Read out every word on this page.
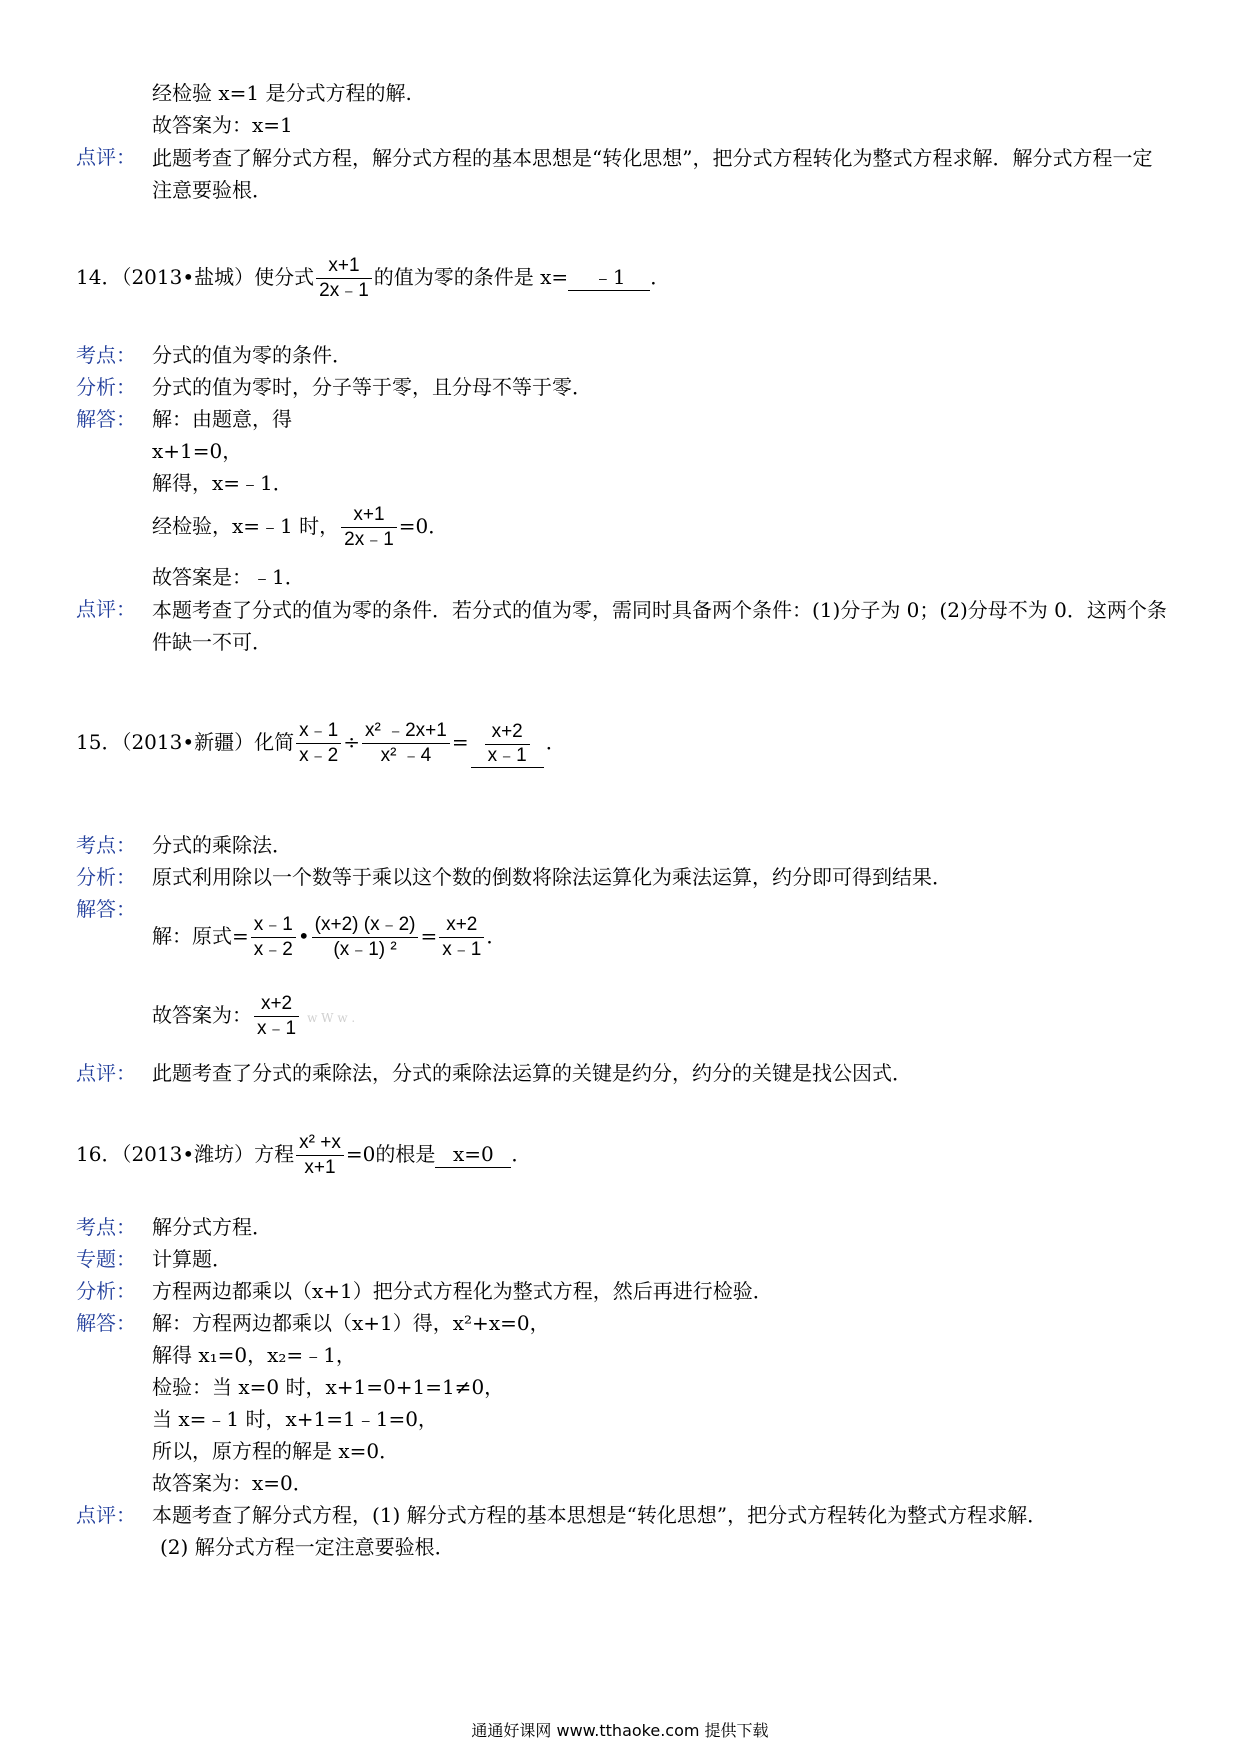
经检验 x=1 是分式方程的解.
故答案为：x=1
点评： 此题考查了解分式方程，解分式方程的基本思想是“转化思想”，把分式方程转化为整式方程求解．解分式方程一定注意要验根．
14．（2013•盐城）使分式 $\frac{x+1}{2x﹣1}$ 的值为零的条件是 x= ﹣1 ．
考点： 分式的值为零的条件．
分析： 分式的值为零时，分子等于零，且分母不等于零．
解答： 解：由题意，得
x+1=0，
解得，x=﹣1．
经检验，x=﹣1 时， $\frac{x+1}{2x﹣1} =0$．
故答案是：﹣1．
点评： 本题考查了分式的值为零的条件．若分式的值为零，需同时具备两个条件：(1)分子为 0；(2)分母不为 0．这两个条件缺一不可．
15．（2013•新疆）化简 $\frac{x﹣1}{x﹣2} \div \frac{\text{x² ﹣2x+1}}{\text{x² ﹣4}} = \frac{x+2}{x﹣1}$ ．
考点： 分式的乘除法．
分析： 原式利用除以一个数等于乘以这个数的倒数将除法运算化为乘法运算，约分即可得到结果．
解答：
解：原式= $\frac{x﹣1}{x﹣2}$ • $\frac{(x+2) (x﹣2)}{\text{(x﹣1) ²}} = \frac{x+2}{x﹣1}$ ．
故答案为： $\frac{x+2}{x﹣1}$ w W w .
点评： 此题考查了分式的乘除法，分式的乘除法运算的关键是约分，约分的关键是找公因式．
16．（2013•潍坊）方程 $\frac{\text{x² +x}}{x+1} =0$的根是 x=0 ．
考点： 解分式方程．
专题： 计算题．
分析： 方程两边都乘以（x+1）把分式方程化为整式方程，然后再进行检验．
解答： 解：方程两边都乘以（x+1）得，x²+x=0，
解得 x₁=0，x₂=﹣1，
检验：当 x=0 时，x+1=0+1=1≠0，
当 x=﹣1 时，x+1=1﹣1=0，
所以，原方程的解是 x=0．
故答案为：x=0．
点评： 本题考查了解分式方程，(1) 解分式方程的基本思想是“转化思想”，把分式方程转化为整式方程求解．
(2) 解分式方程一定注意要验根．
通通好课网 www.tthaoke.com 提供下载
